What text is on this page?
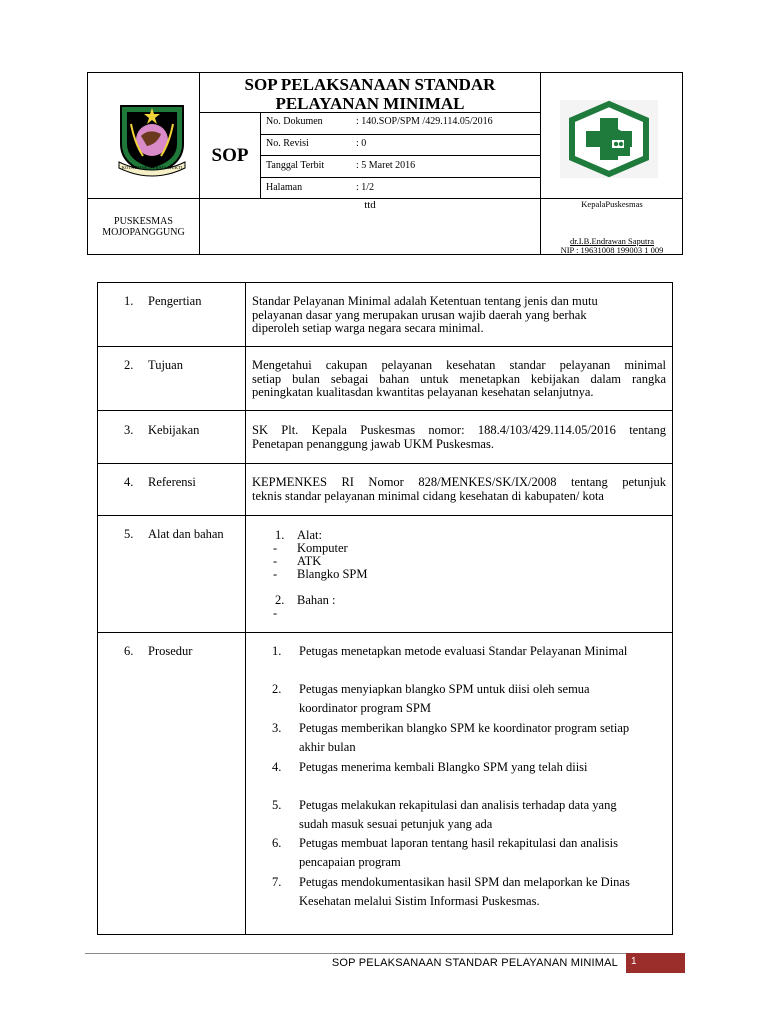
KOTA BHAKTI PRAJA MUKTI
SOP PELAKSANAAN STANDAR
PELAYANAN MINIMAL
SOP
No. Dokumen	: 140.SOP/SPM /429.114.05/2016
No. Revisi	: 0
Tanggal Terbit	: 5 Maret 2016
Halaman	: 1/2
PUSKESMAS
MOJOPANGGUNG
ttd	KepalaPuskesmas
dr.I.B.Endrawan Saputra
NIP : 19631008 199003 1 009
1. Pengertian	Standar Pelayanan Minimal adalah Ketentuan tentang jenis dan mutu
pelayanan dasar yang merupakan urusan wajib daerah yang berhak
diperoleh setiap warga negara secara minimal.
2. Tujuan	Mengetahui cakupan pelayanan kesehatan standar pelayanan minimal
setiap bulan sebagai bahan untuk menetapkan kebijakan dalam rangka
peningkatan kualitasdan kwantitas pelayanan kesehatan selanjutnya.
3. Kebijakan	SK Plt. Kepala Puskesmas nomor: 188.4/103/429.114.05/2016 tentang
Penetapan penanggung jawab UKM Puskesmas.
4. Referensi	KEPMENKES RI Nomor 828/MENKES/SK/IX/2008 tentang petunjuk
teknis standar pelayanan minimal cidang kesehatan di kabupaten/ kota
5. Alat dan bahan	1. Alat:
- Komputer
- ATK
- Blangko SPM
2. Bahan :
-
6. Prosedur	1.	Petugas menetapkan metode evaluasi Standar Pelayanan Minimal
2.	Petugas menyiapkan blangko SPM untuk diisi oleh semua
koordinator program SPM
3.	Petugas memberikan blangko SPM ke koordinator program setiap
akhir bulan
4.	Petugas menerima kembali Blangko SPM yang telah diisi
5.	Petugas melakukan rekapitulasi dan analisis terhadap data yang
sudah masuk sesuai petunjuk yang ada
6.	Petugas membuat laporan tentang hasil rekapitulasi dan analisis
pencapaian program
7.	Petugas mendokumentasikan hasil SPM dan melaporkan ke Dinas
Kesehatan melalui Sistim Informasi Puskesmas.
SOP PELAKSANAAN STANDAR PELAYANAN MINIMAL 1
